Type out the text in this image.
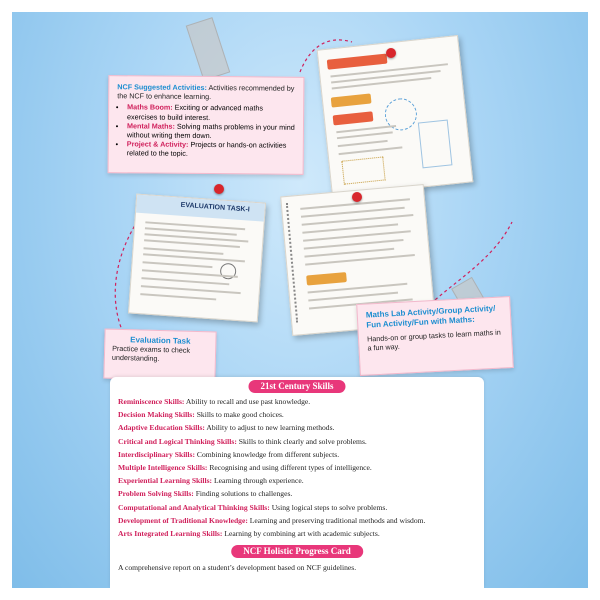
NCF Suggested Activities: Activities recommended by the NCF to enhance learning.
• Maths Boom: Exciting or advanced maths exercises to build interest.
• Mental Maths: Solving maths problems in your mind without writing them down.
• Project & Activity: Projects or hands-on activities related to the topic.
EVALUATION TASK-I
Evaluation Task
Practice exams to check understanding.
Maths Lab Activity/Group Activity/ Fun Activity/Fun with Maths:
Hands-on or group tasks to learn maths in a fun way.
21st Century Skills
Reminiscence Skills: Ability to recall and use past knowledge.
Decision Making Skills: Skills to make good choices.
Adaptive Education Skills: Ability to adjust to new learning methods.
Critical and Logical Thinking Skills: Skills to think clearly and solve problems.
Interdisciplinary Skills: Combining knowledge from different subjects.
Multiple Intelligence Skills: Recognising and using different types of intelligence.
Experiential Learning Skills: Learning through experience.
Problem Solving Skills: Finding solutions to challenges.
Computational and Analytical Thinking Skills: Using logical steps to solve problems.
Development of Traditional Knowledge: Learning and preserving traditional methods and wisdom.
Arts Integrated Learning Skills: Learning by combining art with academic subjects.
NCF Holistic Progress Card
A comprehensive report on a student’s development based on NCF guidelines.
